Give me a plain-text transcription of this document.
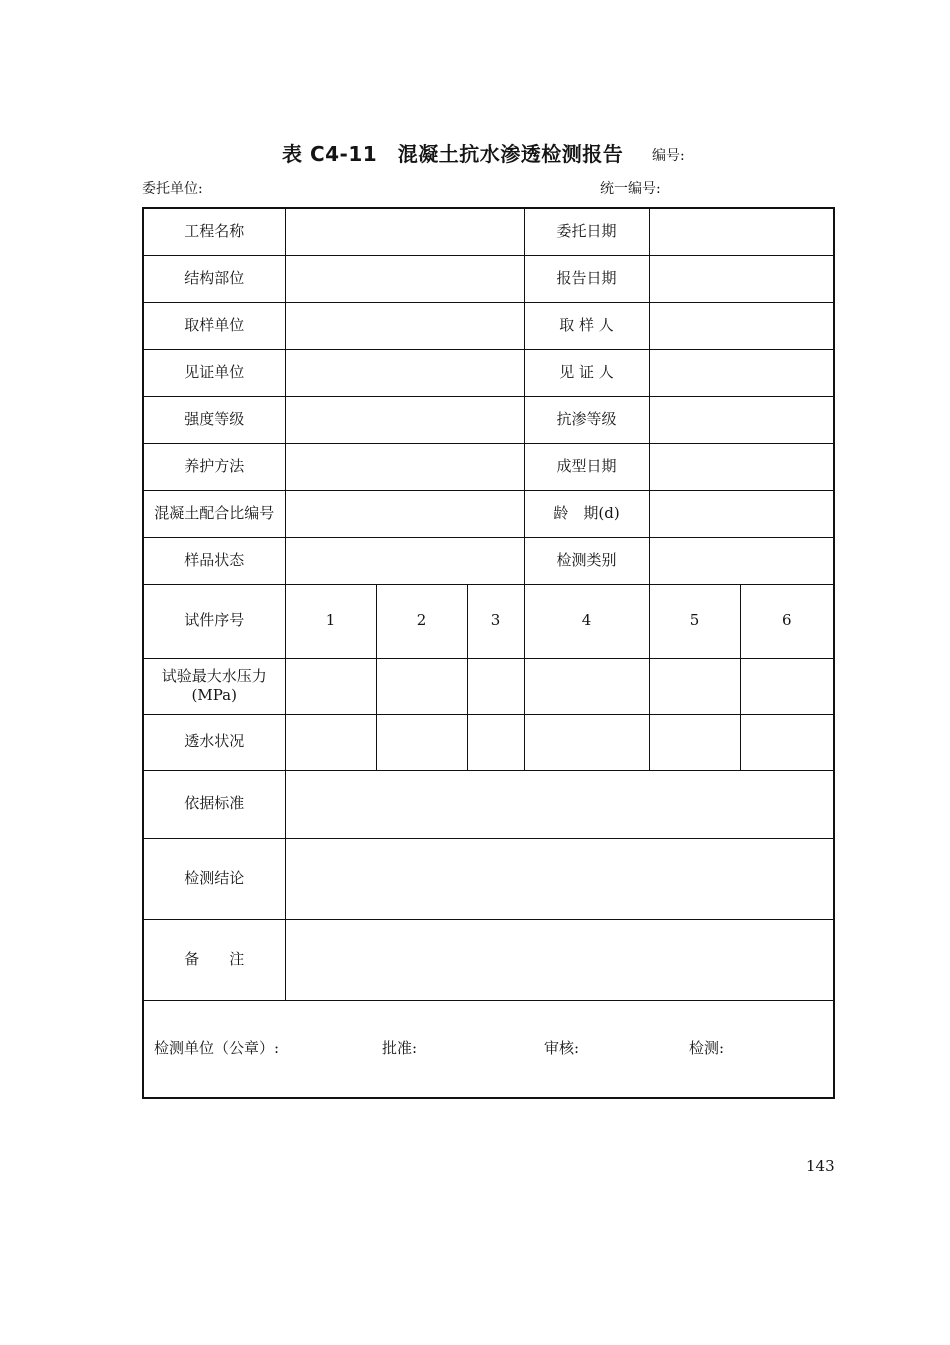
表 C4-11　混凝土抗水渗透检测报告 编号:
委托单位:	统一编号:
工程名称				委托日期		
结构部位				报告日期		
取样单位				取 样 人		
见证单位				见 证 人		
强度等级				抗渗等级		
养护方法				成型日期		
混凝土配合比编号				龄　期(d)		
样品状态				检测类别		
试件序号	1	2	3	4	5	6

试验最大水压力
(MPa)						

透水状况						
依据标准						
检测结论						
备　　注						

检测单位（公章）: 批准: 审核: 检测:						
143
